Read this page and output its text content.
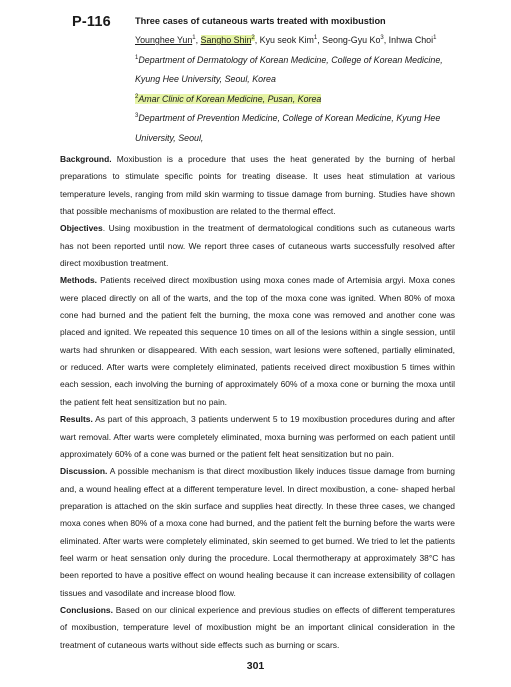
P-116	Three cases of cutaneous warts treated with moxibustion
Younghee Yun$^1$, Sangho Shin$^2$, Kyu seok Kim$^1$, Seong-Gyu Ko$^3$, Inhwa Choi$^1$
$^1$Department of Dermatology of Korean Medicine, College of Korean Medicine,
Kyung Hee University, Seoul, Korea
$^2$Amar Clinic of Korean Medicine, Pusan, Korea
$^3$Department of Prevention Medicine, College of Korean Medicine, Kyung Hee
University, Seoul,

Background. Moxibustion is a procedure that uses the heat generated by the burning of herbal preparations to stimulate specific points for treating disease. It uses heat stimulation at various temperature levels, ranging from mild skin warming to tissue damage from burning. Studies have shown that possible mechanisms of moxibustion are related to the thermal effect.

Objectives. Using moxibustion in the treatment of dermatological conditions such as cutaneous warts has not been reported until now. We report three cases of cutaneous warts successfully resolved after direct moxibustion treatment.

Methods. Patients received direct moxibustion using moxa cones made of Artemisia argyi. Moxa cones were placed directly on all of the warts, and the top of the moxa cone was ignited. When 80% of moxa cone had burned and the patient felt the burning, the moxa cone was removed and another cone was placed and ignited. We repeated this sequence 10 times on all of the lesions within a single session, until warts had shrunken or disappeared. With each session, wart lesions were softened, partially eliminated, or reduced. After warts were completely eliminated, patients received direct moxibustion 5 times within each session, each involving the burning of approximately 60% of a moxa cone or burning the moxa until the patient felt heat sensitization but no pain.

Results. As part of this approach, 3 patients underwent 5 to 19 moxibustion procedures during and after wart removal. After warts were completely eliminated, moxa burning was performed on each patient until approximately 60% of a cone was burned or the patient felt heat sensitization but no pain.

Discussion. A possible mechanism is that direct moxibustion likely induces tissue damage from burning and, a wound healing effect at a different temperature level. In direct moxibustion, a cone- shaped herbal preparation is attached on the skin surface and supplies heat directly. In these three cases, we changed moxa cones when 80% of a moxa cone had burned, and the patient felt the burning before the warts were eliminated. After warts were completely eliminated, skin seemed to get burned. We tried to let the patients feel warm or heat sensation only during the procedure. Local thermotherapy at approximately 38°C has been reported to have a positive effect on wound healing because it can increase extensibility of collagen tissues and vasodilate and increase blood flow.

Conclusions. Based on our clinical experience and previous studies on effects of different temperatures of moxibustion, temperature level of moxibustion might be an important clinical consideration in the treatment of cutaneous warts without side effects such as burning or scars.

301
